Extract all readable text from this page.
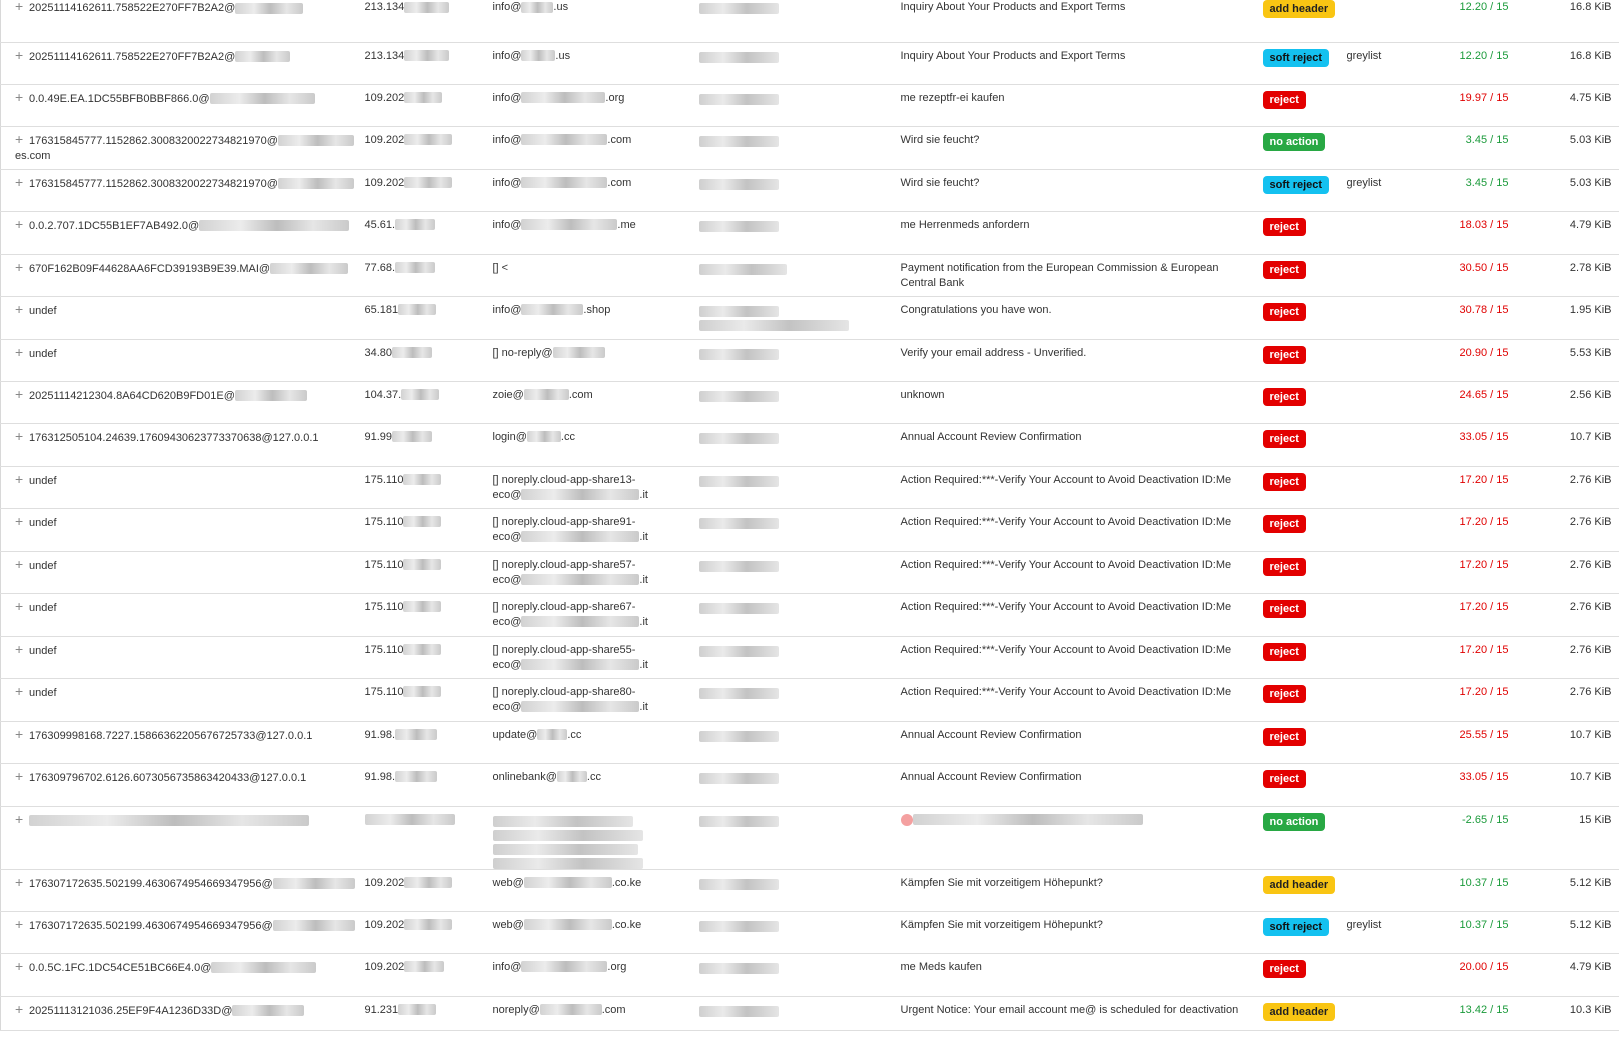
+ 20251114162611.758522E270FF7B2A2@	213.134	info@ .us		Inquiry About Your Products and Export Terms	add header	12.20 / 15	16.8 KiB
+ 20251114162611.758522E270FF7B2A2@	213.134	info@ .us		Inquiry About Your Products and Export Terms	soft reject greylist	12.20 / 15	16.8 KiB
+ 0.0.49E.EA.1DC55BFB0BBF866.0@	109.202	info@ .org		me rezeptfr-ei kaufen	reject	19.97 / 15	4.75 KiB
+ 176315845777.1152862.30083200227348219​70@
es.com	109.202	info@ .com		Wird sie feucht?	no action	3.45 / 15	5.03 KiB
+ 176315845777.1152862.30083200227348219​70@	109.202	info@ .com		Wird sie feucht?	soft reject greylist	3.45 / 15	5.03 KiB
+ 0.0.2.707.1DC55B1EF7AB492.0@	45.61.	info@ .me		me Herrenmeds anfordern	reject	18.03 / 15	4.79 KiB
+ 670F162B09F44628AA6FCD39193B9E39.MAI@	77.68.	[] <		Payment notification from the European Commission & European Central Bank	reject	30.50 / 15	2.78 KiB
+ undef	65.181	info@ .shop		Congratulations you have won.	reject	30.78 / 15	1.95 KiB
+ undef	34.80	[] no-reply@		Verify your email address - Unverified.	reject	20.90 / 15	5.53 KiB
+ 20251114212304.8A64CD620B9FD01E@	104.37.	zoie@ .com		unknown	reject	24.65 / 15	2.56 KiB
+ 176312505104.24639.17609430623773370638@127.0.0.1	91.99	login@ .cc		Annual Account Review Confirmation	reject	33.05 / 15	10.7 KiB
+ undef	175.110	[] noreply.cloud-app-share13-
eco@ .it		Action Required:***-Verify Your Account to Avoid Deactivation ID:Me	reject	17.20 / 15	2.76 KiB
+ undef	175.110	[] noreply.cloud-app-share91-
eco@ .it		Action Required:***-Verify Your Account to Avoid Deactivation ID:Me	reject	17.20 / 15	2.76 KiB
+ undef	175.110	[] noreply.cloud-app-share57-
eco@ .it		Action Required:***-Verify Your Account to Avoid Deactivation ID:Me	reject	17.20 / 15	2.76 KiB
+ undef	175.110	[] noreply.cloud-app-share67-
eco@ .it		Action Required:***-Verify Your Account to Avoid Deactivation ID:Me	reject	17.20 / 15	2.76 KiB
+ undef	175.110	[] noreply.cloud-app-share55-
eco@ .it		Action Required:***-Verify Your Account to Avoid Deactivation ID:Me	reject	17.20 / 15	2.76 KiB
+ undef	175.110	[] noreply.cloud-app-share80-
eco@ .it		Action Required:***-Verify Your Account to Avoid Deactivation ID:Me	reject	17.20 / 15	2.76 KiB
+ 176309998168.7227.15866362205676725733@127.0.0.1	91.98.	update@ .cc		Annual Account Review Confirmation	reject	25.55 / 15	10.7 KiB
+ 176309796702.6126.60730567358634204​33@127.0.0.1	91.98.	onlinebank@ .cc		Annual Account Review Confirmation	reject	33.05 / 15	10.7 KiB
+					no action	-2.65 / 15	15 KiB
+ 176307172635.502199.46306749546693479​56@	109.202	web@ .co.ke		Kämpfen Sie mit vorzeitigem Höhepunkt?	add header	10.37 / 15	5.12 KiB
+ 176307172635.502199.46306749546693479​56@	109.202	web@ .co.ke		Kämpfen Sie mit vorzeitigem Höhepunkt?	soft reject greylist	10.37 / 15	5.12 KiB
+ 0.0.5C.1FC.1DC54CE51BC66E4.0@	109.202	info@ .org		me Meds kaufen	reject	20.00 / 15	4.79 KiB
+ 20251113121036.25EF9F4A1236D33D@	91.231	noreply@ .com		Urgent Notice: Your email account me@ is scheduled for deactivation	add header	13.42 / 15	10.3 KiB
